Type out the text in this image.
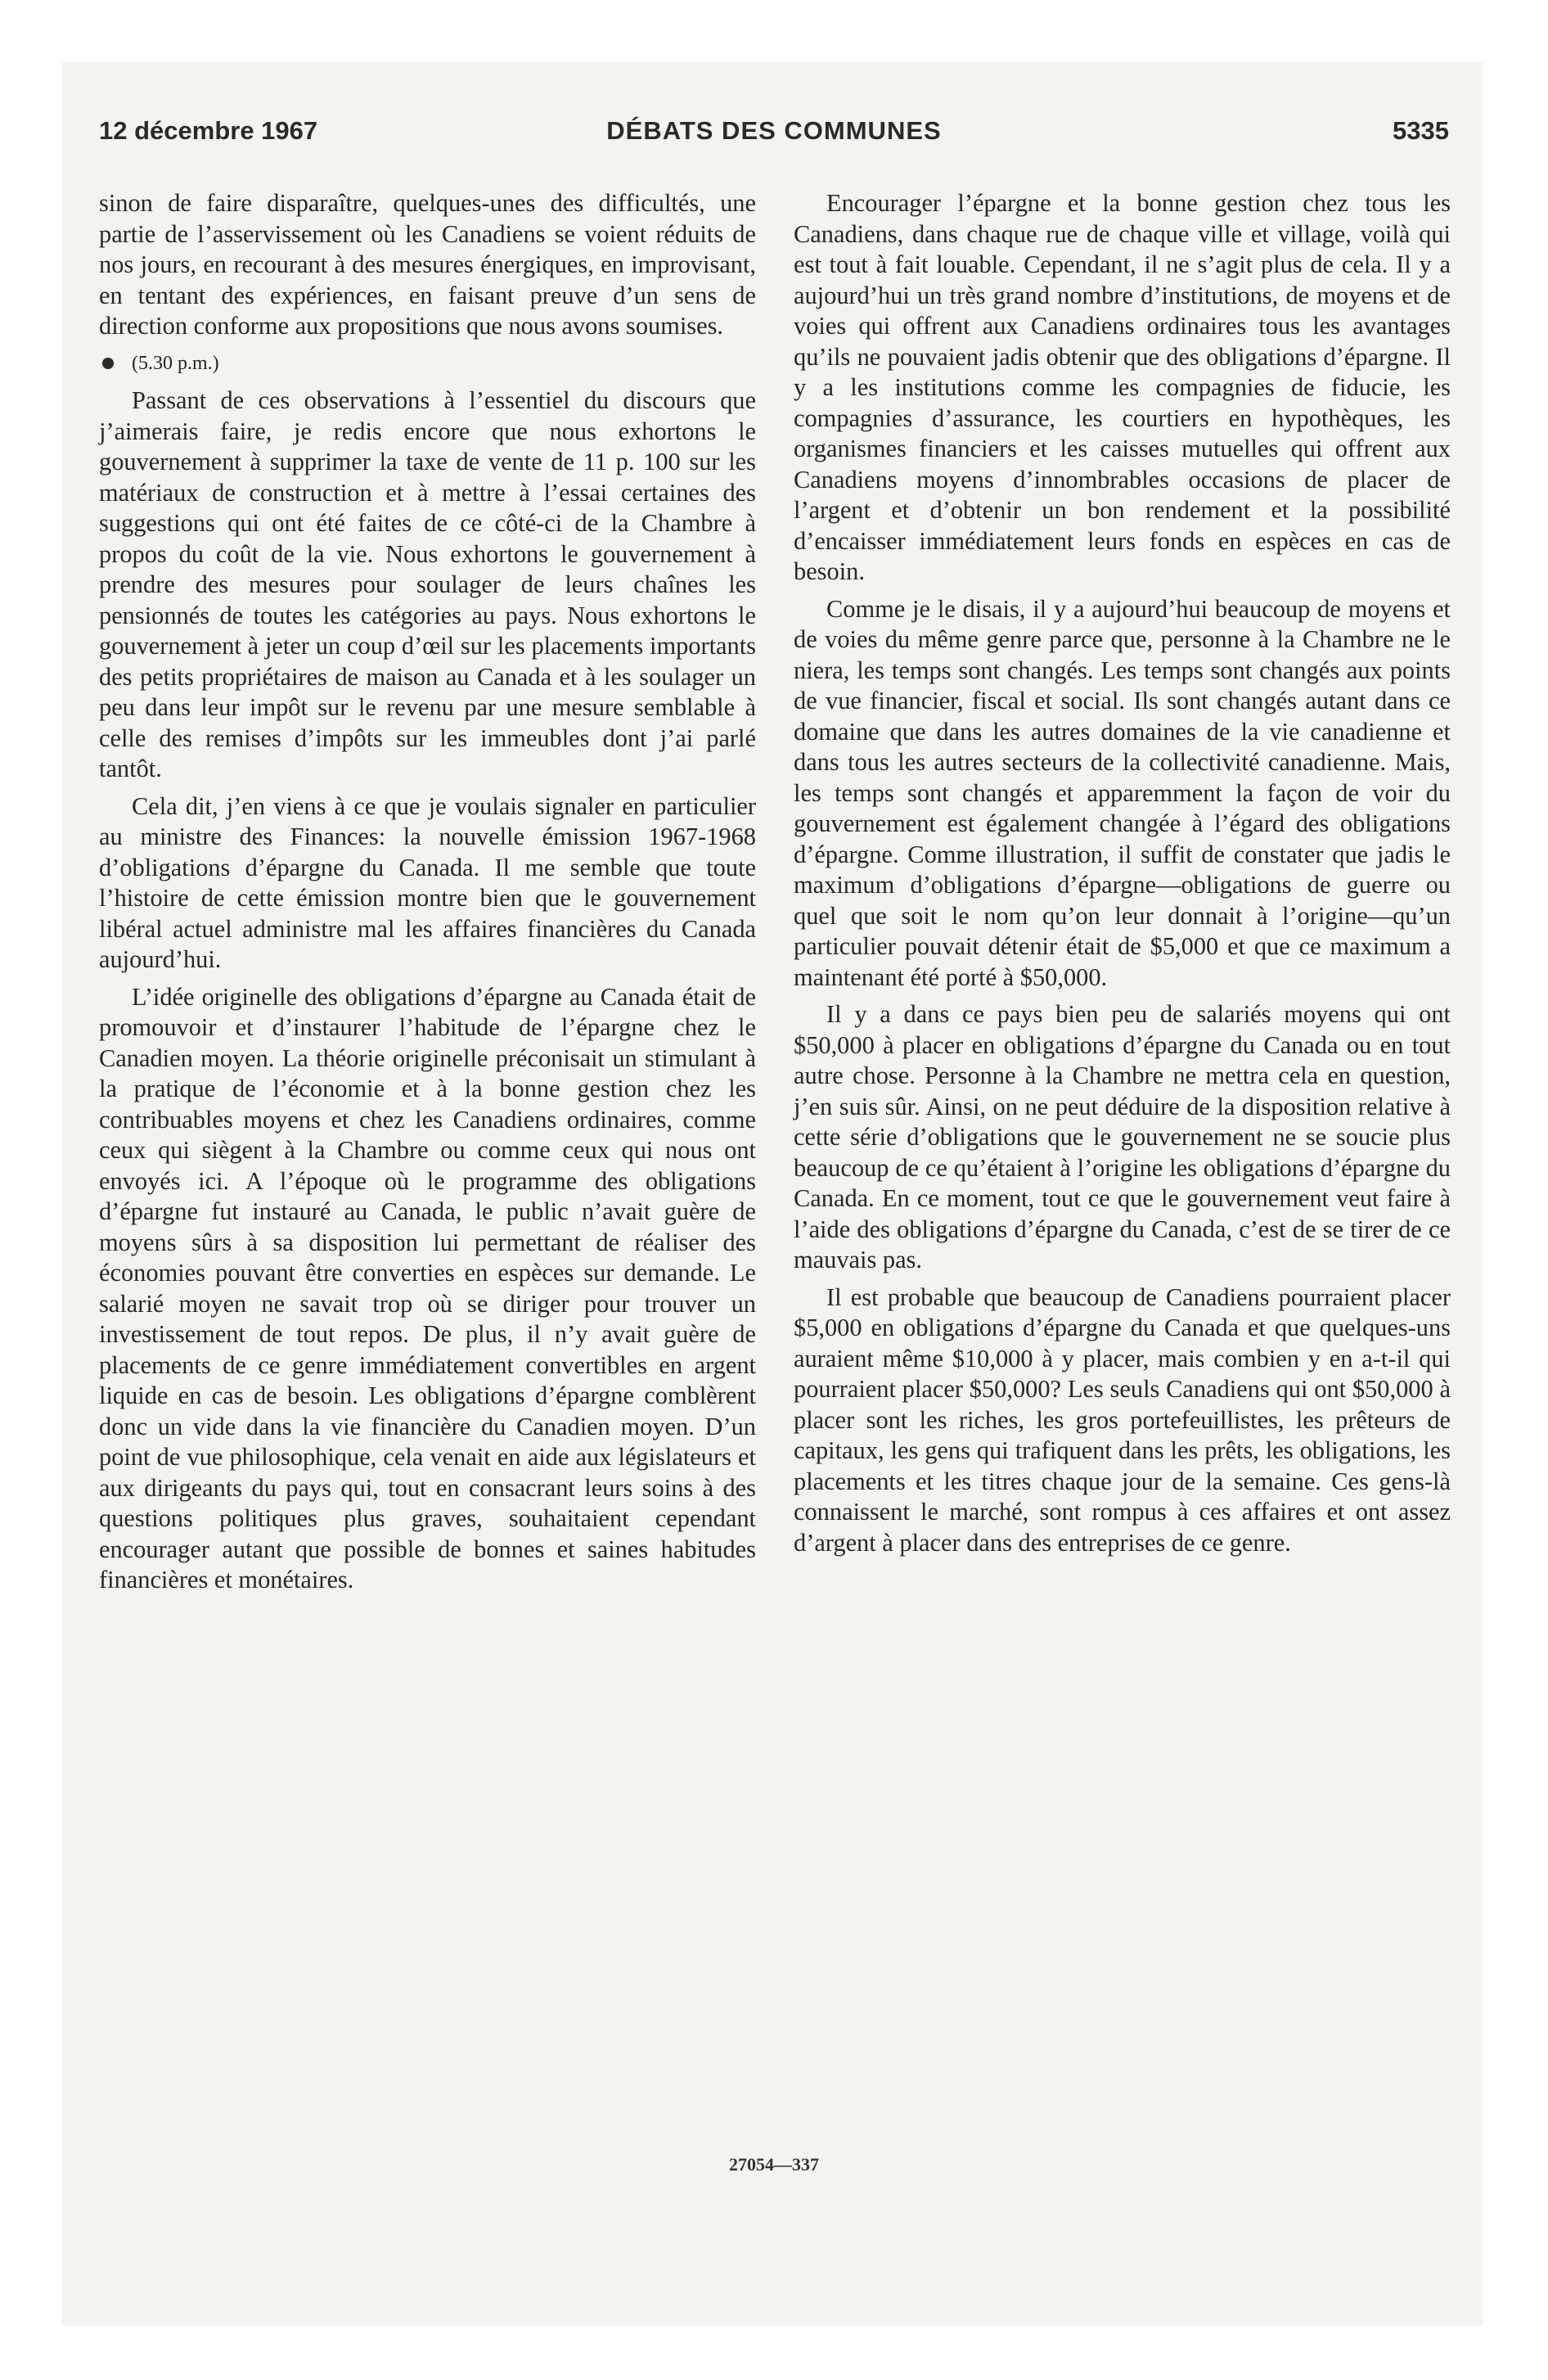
12 décembre 1967	DÉBATS DES COMMUNES	5335

sinon de faire disparaître, quelques-unes des difficultés, une partie de l’asservissement où les Canadiens se voient réduits de nos jours, en recourant à des mesures énergiques, en improvisant, en tentant des expériences, en faisant preuve d’un sens de direction conforme aux propositions que nous avons soumises.

(5.30 p.m.)

Passant de ces observations à l’essentiel du discours que j’aimerais faire, je redis encore que nous exhortons le gouvernement à supprimer la taxe de vente de 11 p. 100 sur les matériaux de construction et à mettre à l’essai certaines des suggestions qui ont été faites de ce côté-ci de la Chambre à propos du coût de la vie. Nous exhortons le gouvernement à prendre des mesures pour soulager de leurs chaînes les pensionnés de toutes les catégories au pays. Nous exhortons le gouvernement à jeter un coup d’œil sur les placements importants des petits propriétaires de maison au Canada et à les soulager un peu dans leur impôt sur le revenu par une mesure semblable à celle des remises d’impôts sur les immeubles dont j’ai parlé tantôt.

Cela dit, j’en viens à ce que je voulais signaler en particulier au ministre des Finances: la nouvelle émission 1967-1968 d’obligations d’épargne du Canada. Il me semble que toute l’histoire de cette émission montre bien que le gouvernement libéral actuel administre mal les affaires financières du Canada aujourd’hui.

L’idée originelle des obligations d’épargne au Canada était de promouvoir et d’instaurer l’habitude de l’épargne chez le Canadien moyen. La théorie originelle préconisait un stimulant à la pratique de l’économie et à la bonne gestion chez les contribuables moyens et chez les Canadiens ordinaires, comme ceux qui siègent à la Chambre ou comme ceux qui nous ont envoyés ici. A l’époque où le programme des obligations d’épargne fut instauré au Canada, le public n’avait guère de moyens sûrs à sa disposition lui permettant de réaliser des économies pouvant être converties en espèces sur demande. Le salarié moyen ne savait trop où se diriger pour trouver un investissement de tout repos. De plus, il n’y avait guère de placements de ce genre immédiatement convertibles en argent liquide en cas de besoin. Les obligations d’épargne comblèrent donc un vide dans la vie financière du Canadien moyen. D’un point de vue philosophique, cela venait en aide aux législateurs et aux dirigeants du pays qui, tout en consacrant leurs soins à des questions politiques plus graves, souhaitaient cependant encourager autant que possible de bonnes et saines habitudes financières et monétaires.

Encourager l’épargne et la bonne gestion chez tous les Canadiens, dans chaque rue de chaque ville et village, voilà qui est tout à fait louable. Cependant, il ne s’agit plus de cela. Il y a aujourd’hui un très grand nombre d’institutions, de moyens et de voies qui offrent aux Canadiens ordinaires tous les avantages qu’ils ne pouvaient jadis obtenir que des obligations d’épargne. Il y a les institutions comme les compagnies de fiducie, les compagnies d’assurance, les courtiers en hypothèques, les organismes financiers et les caisses mutuelles qui offrent aux Canadiens moyens d’innombrables occasions de placer de l’argent et d’obtenir un bon rendement et la possibilité d’encaisser immédiatement leurs fonds en espèces en cas de besoin.

Comme je le disais, il y a aujourd’hui beaucoup de moyens et de voies du même genre parce que, personne à la Chambre ne le niera, les temps sont changés. Les temps sont changés aux points de vue financier, fiscal et social. Ils sont changés autant dans ce domaine que dans les autres domaines de la vie canadienne et dans tous les autres secteurs de la collectivité canadienne. Mais, les temps sont changés et apparemment la façon de voir du gouvernement est également changée à l’égard des obligations d’épargne. Comme illustration, il suffit de constater que jadis le maximum d’obligations d’épargne—obligations de guerre ou quel que soit le nom qu’on leur donnait à l’origine—qu’un particulier pouvait détenir était de $5,000 et que ce maximum a maintenant été porté à $50,000.

Il y a dans ce pays bien peu de salariés moyens qui ont $50,000 à placer en obligations d’épargne du Canada ou en tout autre chose. Personne à la Chambre ne mettra cela en question, j’en suis sûr. Ainsi, on ne peut déduire de la disposition relative à cette série d’obligations que le gouvernement ne se soucie plus beaucoup de ce qu’étaient à l’origine les obligations d’épargne du Canada. En ce moment, tout ce que le gouvernement veut faire à l’aide des obligations d’épargne du Canada, c’est de se tirer de ce mauvais pas.

Il est probable que beaucoup de Canadiens pourraient placer $5,000 en obligations d’épargne du Canada et que quelques-uns auraient même $10,000 à y placer, mais combien y en a-t-il qui pourraient placer $50,000? Les seuls Canadiens qui ont $50,000 à placer sont les riches, les gros portefeuillistes, les prêteurs de capitaux, les gens qui trafiquent dans les prêts, les obligations, les placements et les titres chaque jour de la semaine. Ces gens-là connaissent le marché, sont rompus à ces affaires et ont assez d’argent à placer dans des entreprises de ce genre.

27054—337
